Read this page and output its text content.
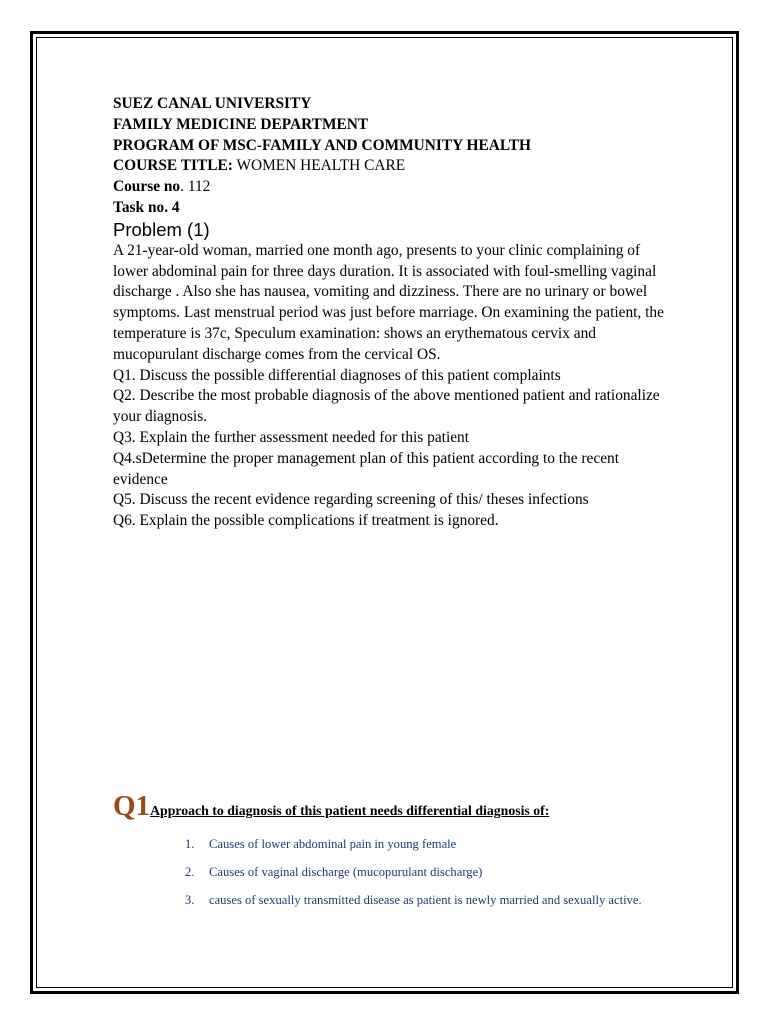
SUEZ CANAL UNIVERSITY
FAMILY MEDICINE DEPARTMENT
PROGRAM OF MSC-FAMILY AND COMMUNITY HEALTH
COURSE TITLE: WOMEN HEALTH CARE
Course no. 112
Task no. 4
Problem (1)

A 21-year-old woman, married one month ago, presents to your clinic complaining of lower abdominal pain for three days duration. It is associated with foul-smelling vaginal discharge . Also she has nausea, vomiting and dizziness. There are no urinary or bowel symptoms. Last menstrual period was just before marriage. On examining the patient, the temperature is 37c, Speculum examination: shows an erythematous cervix and mucopurulant discharge comes from the cervical OS.

Q1. Discuss the possible differential diagnoses of this patient complaints
Q2. Describe the most probable diagnosis of the above mentioned patient and rationalize your diagnosis.
Q3. Explain the further assessment needed for this patient
Q4.sDetermine the proper management plan of this patient according to the recent evidence
Q5. Discuss the recent evidence regarding screening of this/ theses infections
Q6. Explain the possible complications if treatment is ignored.
Q1Approach to diagnosis of this patient needs differential diagnosis of:
1. Causes of lower abdominal pain in young female
2. Causes of vaginal discharge (mucopurulant discharge)
3. causes of sexually transmitted disease as patient is newly married and sexually active.
